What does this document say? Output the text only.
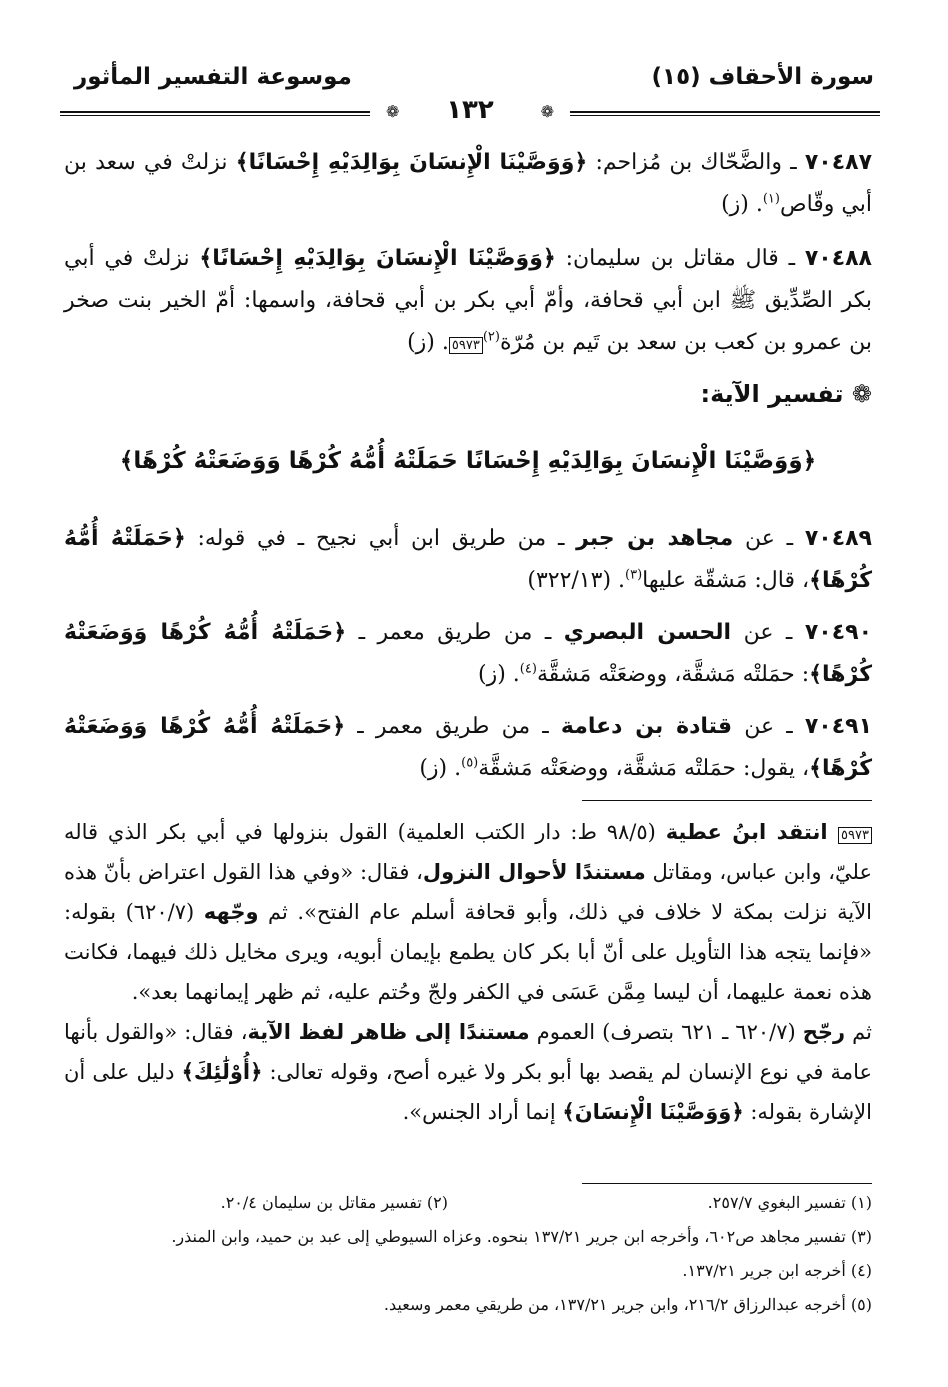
موسوعة التفسير المأثور	سورة الأحقاف (١٥)
❁	١٣٢	❁
٧٠٤٨٧ ـ والضَّحّاك بن مُزاحم: ﴿وَوَصَّيْنَا الْإِنسَانَ بِوَالِدَيْهِ إِحْسَانًا﴾ نزلتْ في سعد بن أبي وقّاص$^{(١)}$. (ز)
٧٠٤٨٨ ـ قال مقاتل بن سليمان: ﴿وَوَصَّيْنَا الْإِنسَانَ بِوَالِدَيْهِ إِحْسَانًا﴾ نزلتْ في أبي بكر الصِّدِّيق ﷺ ابن أبي قحافة، وأمّ أبي بكر بن أبي قحافة، واسمها: أمّ الخير بنت صخر بن عمرو بن كعب بن سعد بن تَيم بن مُرّة$^{(٢)}$٥٩٧٣. (ز)
❁ تفسير الآية:
﴿وَوَصَّيْنَا الْإِنسَانَ بِوَالِدَيْهِ إِحْسَانًا حَمَلَتْهُ أُمُّهُ كُرْهًا وَوَضَعَتْهُ كُرْهًا﴾
٧٠٤٨٩ ـ عن مجاهد بن جبر ـ من طريق ابن أبي نجيح ـ في قوله: ﴿حَمَلَتْهُ أُمُّهُ كُرْهًا﴾، قال: مَشقّة عليها$^{(٣)}$. (٣٢٢/١٣)
٧٠٤٩٠ ـ عن الحسن البصري ـ من طريق معمر ـ ﴿حَمَلَتْهُ أُمُّهُ كُرْهًا وَوَضَعَتْهُ كُرْهًا﴾: حمَلتْه مَشقَّة، ووضعَتْه مَشقَّة$^{(٤)}$. (ز)
٧٠٤٩١ ـ عن قتادة بن دعامة ـ من طريق معمر ـ ﴿حَمَلَتْهُ أُمُّهُ كُرْهًا وَوَضَعَتْهُ كُرْهًا﴾، يقول: حمَلتْه مَشقَّة، ووضعَتْه مَشقَّة$^{(٥)}$. (ز)
٥٩٧٣ انتقد ابنُ عطية (٩٨/٥ ط: دار الكتب العلمية) القول بنزولها في أبي بكر الذي قاله عليّ، وابن عباس، ومقاتل مستندًا لأحوال النزول، فقال: «وفي هذا القول اعتراض بأنّ هذه الآية نزلت بمكة لا خلاف في ذلك، وأبو قحافة أسلم عام الفتح». ثم وجّهه (٦٢٠/٧) بقوله: «فإنما يتجه هذا التأويل على أنّ أبا بكر كان يطمع بإيمان أبويه، ويرى مخايل ذلك فيهما، فكانت هذه نعمة عليهما، أن ليسا مِمَّن عَسَى في الكفر ولجّ وحُتم عليه، ثم ظهر إيمانهما بعد».
ثم رجّح (٦٢٠/٧ ـ ٦٢١ بتصرف) العموم مستندًا إلى ظاهر لفظ الآية، فقال: «والقول بأنها عامة في نوع الإنسان لم يقصد بها أبو بكر ولا غيره أصح، وقوله تعالى: ﴿أُوْلَٰئِكَ﴾ دليل على أن الإشارة بقوله: ﴿وَوَصَّيْنَا الْإِنسَانَ﴾ إنما أراد الجنس».
(١) تفسير البغوي ٢٥٧/٧.
(٢) تفسير مقاتل بن سليمان ٢٠/٤.
(٣) تفسير مجاهد ص٦٠٢، وأخرجه ابن جرير ١٣٧/٢١ بنحوه. وعزاه السيوطي إلى عبد بن حميد، وابن المنذر.
(٤) أخرجه ابن جرير ١٣٧/٢١.
(٥) أخرجه عبدالرزاق ٢١٦/٢، وابن جرير ١٣٧/٢١، من طريقي معمر وسعيد.
